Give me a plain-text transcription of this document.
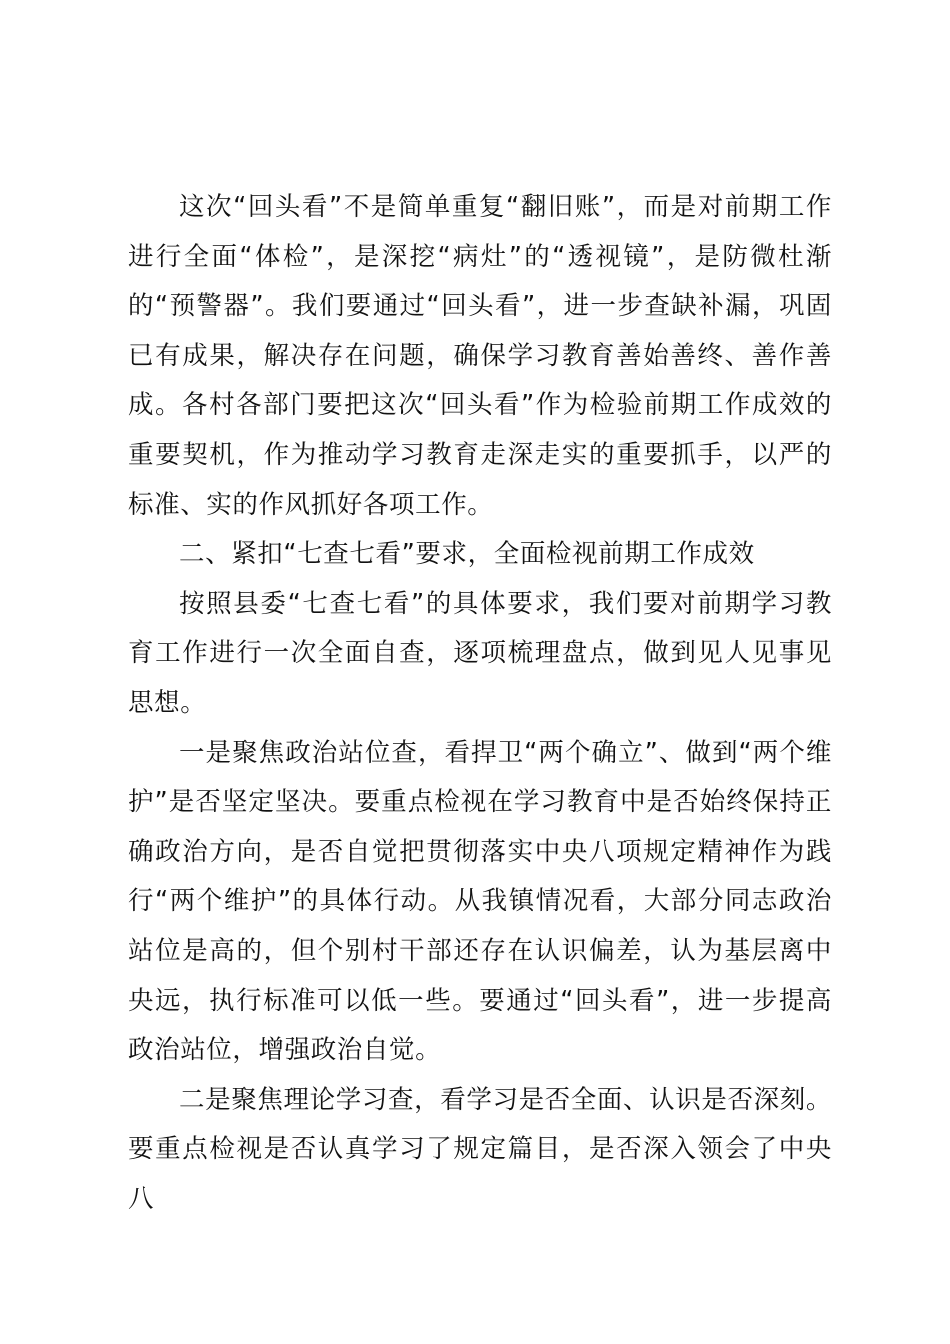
这次“回头看”不是简单重复“翻旧账”，而是对前期工作进行全面“体检”，是深挖“病灶”的“透视镜”，是防微杜渐的“预警器”。我们要通过“回头看”，进一步查缺补漏，巩固已有成果，解决存在问题，确保学习教育善始善终、善作善成。各村各部门要把这次“回头看”作为检验前期工作成效的重要契机，作为推动学习教育走深走实的重要抓手，以严的标准、实的作风抓好各项工作。

二、紧扣“七查七看”要求，全面检视前期工作成效

按照县委“七查七看”的具体要求，我们要对前期学习教育工作进行一次全面自查，逐项梳理盘点，做到见人见事见思想。

一是聚焦政治站位查，看捍卫“两个确立”、做到“两个维护”是否坚定坚决。要重点检视在学习教育中是否始终保持正确政治方向，是否自觉把贯彻落实中央八项规定精神作为践行“两个维护”的具体行动。从我镇情况看，大部分同志政治站位是高的，但个别村干部还存在认识偏差，认为基层离中央远，执行标准可以低一些。要通过“回头看”，进一步提高政治站位，增强政治自觉。

二是聚焦理论学习查，看学习是否全面、认识是否深刻。要重点检视是否认真学习了规定篇目，是否深入领会了中央八
